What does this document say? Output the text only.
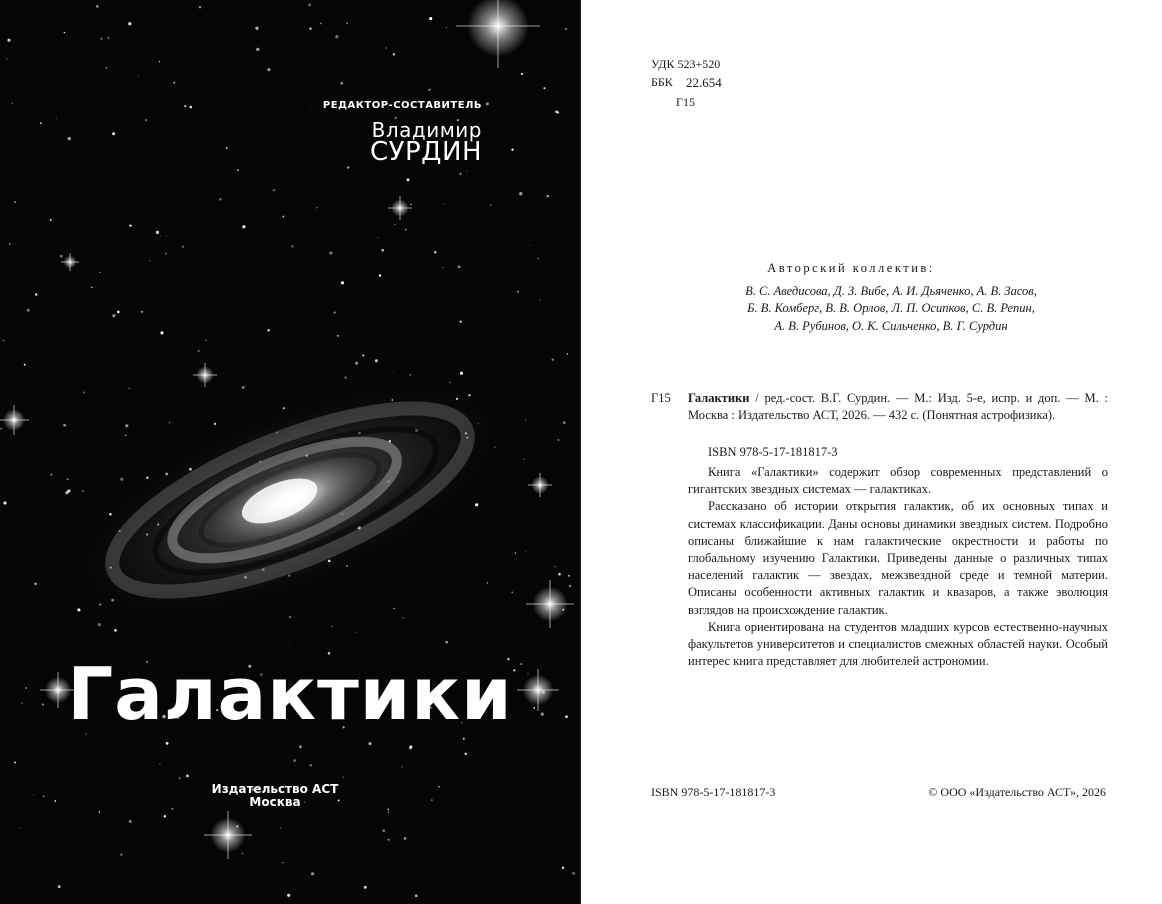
РЕДАКТОР-СОСТАВИТЕЛЬ
Владимир
СУРДИН
Галактики
Издательство АСТ
Москва
УДК 523+520
ББК 22.654
Г15
Авторский коллектив:
В. С. Аведисова, Д. З. Вибе, А. И. Дьяченко, А. В. Засов,
Б. В. Комберг, В. В. Орлов, Л. П. Осипков, С. В. Репин,
А. В. Рубинов, О. К. Сильченко, В. Г. Сурдин
Г15 Галактики / ред.-сост. В.Г. Сурдин. — М.: Изд. 5-е, испр. и доп. — М. : Москва : Издательство АСТ, 2026. — 432 с. (Понятная астрофизика).
ISBN 978-5-17-181817-3

Книга «Галактики» содержит обзор современных представлений о гигантских звездных системах — галактиках.

Рассказано об истории открытия галактик, об их основных типах и системах классификации. Даны основы динамики звездных систем. Подробно описаны ближайшие к нам галактические окрестности и работы по глобальному изучению Галактики. Приведены данные о различных типах населений галактик — звездах, межзвездной среде и темной материи. Описаны особенности активных галактик и квазаров, а также эволюция взглядов на происхождение галактик.

Книга ориентирована на студентов младших курсов естественно-научных факультетов университетов и специалистов смежных областей науки. Особый интерес книга представляет для любителей астрономии.

ISBN 978-5-17-181817-3	© ООО «Издательство АСТ», 2026
